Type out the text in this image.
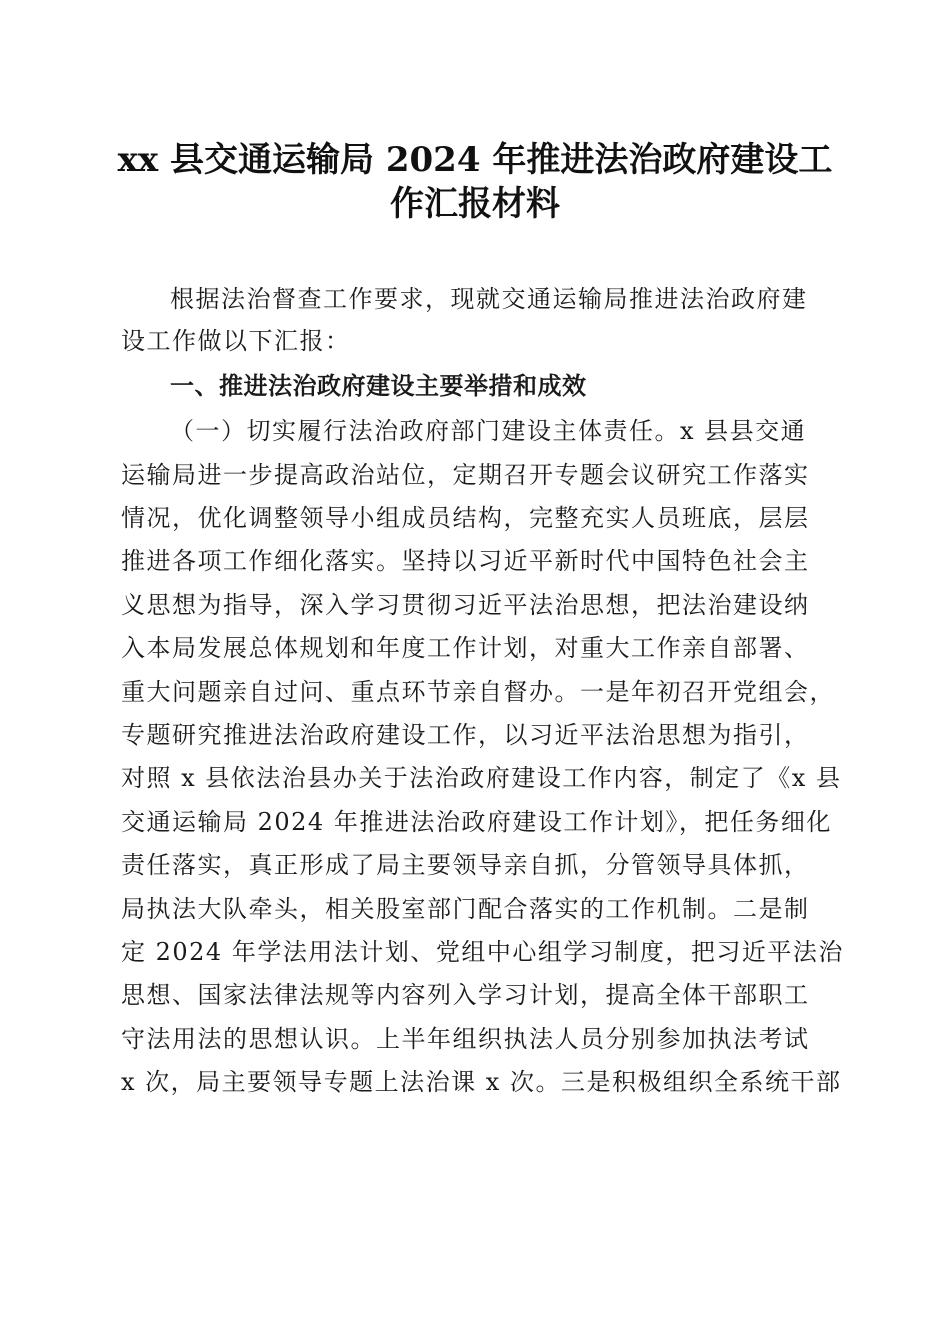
xx 县交通运输局 2024 年推进法治政府建设工
作汇报材料

根据法治督查工作要求，现就交通运输局推进法治政府建

设工作做以下汇报：

一、推进法治政府建设主要举措和成效

（一）切实履行法治政府部门建设主体责任。x 县县交通

运输局进一步提高政治站位，定期召开专题会议研究工作落实

情况，优化调整领导小组成员结构，完整充实人员班底，层层

推进各项工作细化落实。坚持以习近平新时代中国特色社会主

义思想为指导，深入学习贯彻习近平法治思想，把法治建设纳

入本局发展总体规划和年度工作计划，对重大工作亲自部署、

重大问题亲自过问、重点环节亲自督办。一是年初召开党组会，

专题研究推进法治政府建设工作，以习近平法治思想为指引，

对照 x 县依法治县办关于法治政府建设工作内容，制定了《x 县

交通运输局 2024 年推进法治政府建设工作计划》，把任务细化

责任落实，真正形成了局主要领导亲自抓，分管领导具体抓，

局执法大队牵头，相关股室部门配合落实的工作机制。二是制

定 2024 年学法用法计划、党组中心组学习制度，把习近平法治

思想、国家法律法规等内容列入学习计划，提高全体干部职工

守法用法的思想认识。上半年组织执法人员分别参加执法考试

x 次，局主要领导专题上法治课 x 次。三是积极组织全系统干部
